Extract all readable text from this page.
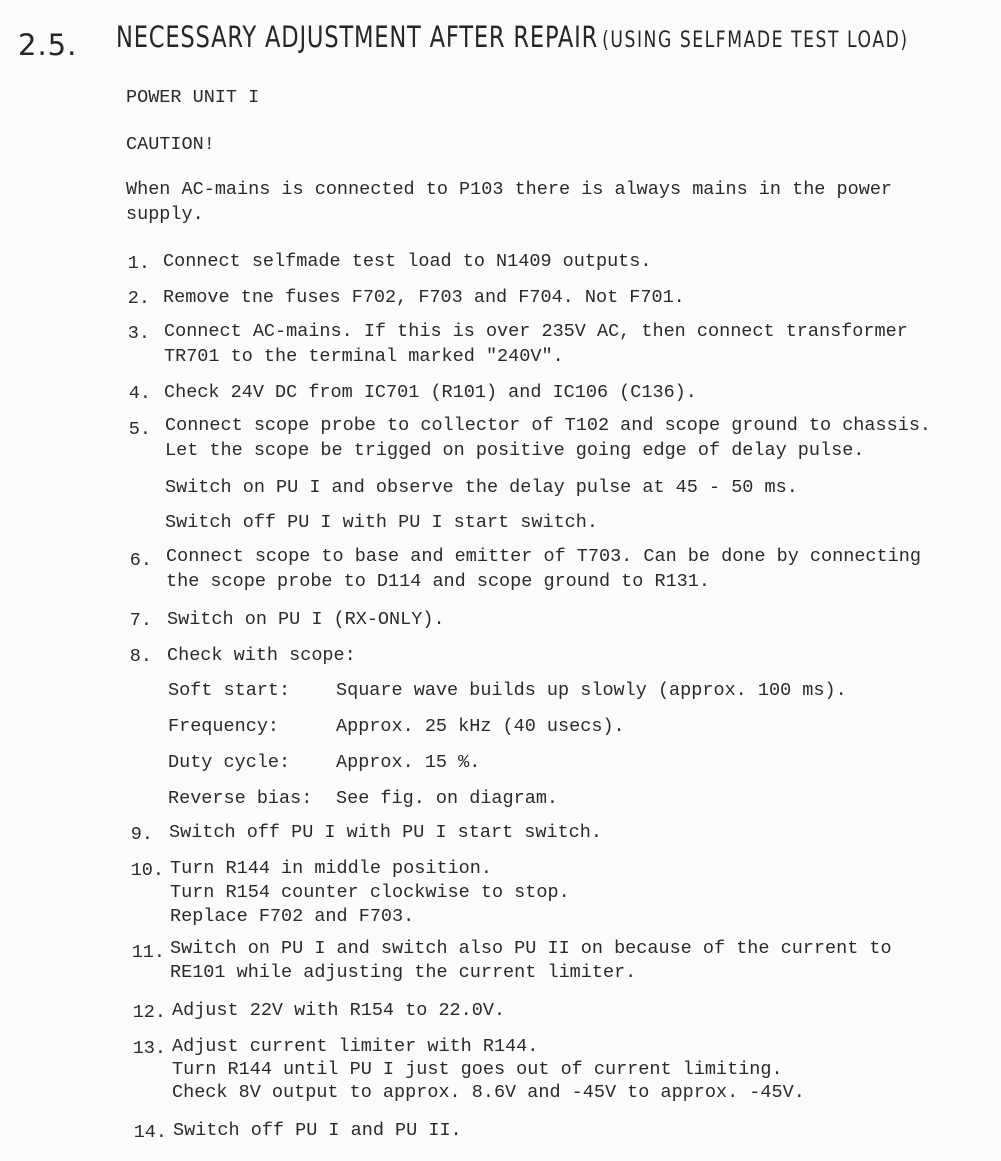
2.5. NECESSARY ADJUSTMENT AFTER REPAIR (USING SELFMADE TEST LOAD)
POWER UNIT I
CAUTION!
When AC-mains is connected to P103 there is always mains in the power
supply.
1. Connect selfmade test load to N1409 outputs.
2. Remove tne fuses F702, F703 and F704. Not F701.
3. Connect AC-mains. If this is over 235V AC, then connect transformer
TR701 to the terminal marked "240V".
4. Check 24V DC from IC701 (R101) and IC106 (C136).
5. Connect scope probe to collector of T102 and scope ground to chassis.
Let the scope be trigged on positive going edge of delay pulse.
Switch on PU I and observe the delay pulse at 45 - 50 ms.
Switch off PU I with PU I start switch.
6. Connect scope to base and emitter of T703. Can be done by connecting
the scope probe to D114 and scope ground to R131.
7. Switch on PU I (RX-ONLY).
8. Check with scope:
Soft start: Square wave builds up slowly (approx. 100 ms).
Frequency:	Approx. 25 kHz (40 usecs).
Duty cycle: Approx. 15 %.
Reverse bias: See fig. on diagram.
9. Switch off PU I with PU I start switch.
10. Turn R144 in middle position.
Turn R154 counter clockwise to stop.
Replace F702 and F703.
11. Switch on PU I and switch also PU II on because of the current to
RE101 while adjusting the current limiter.
12. Adjust 22V with R154 to 22.0V.
13. Adjust current limiter with R144.
Turn R144 until PU I just goes out of current limiting.
Check 8V output to approx. 8.6V and -45V to approx. -45V.
14. Switch off PU I and PU II.
